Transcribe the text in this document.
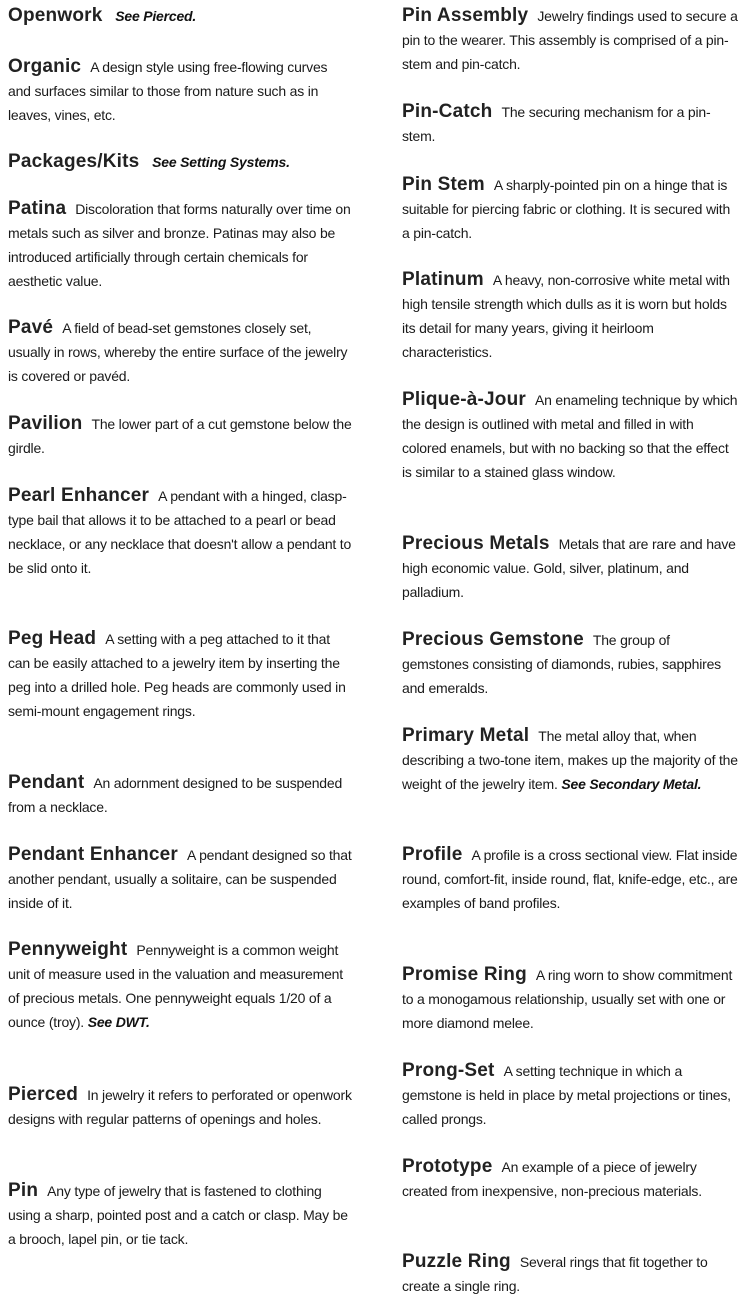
Openwork See Pierced.

Organic A design style using free-flowing curves and surfaces similar to those from nature such as in leaves, vines, etc.

Packages/Kits See Setting Systems.

Patina Discoloration that forms naturally over time on metals such as silver and bronze. Patinas may also be introduced artificially through certain chemicals for aesthetic value.

Pavé A field of bead-set gemstones closely set, usually in rows, whereby the entire surface of the jewelry is covered or pavéd.

Pavilion The lower part of a cut gemstone below the girdle.

Pearl Enhancer A pendant with a hinged, clasp-type bail that allows it to be attached to a pearl or bead necklace, or any necklace that doesn't allow a pendant to be slid onto it.

Peg Head A setting with a peg attached to it that can be easily attached to a jewelry item by inserting the peg into a drilled hole. Peg heads are commonly used in semi-mount engagement rings.

Pendant An adornment designed to be suspended from a necklace.

Pendant Enhancer A pendant designed so that another pendant, usually a solitaire, can be suspended inside of it.

Pennyweight Pennyweight is a common weight unit of measure used in the valuation and measurement of precious metals. One pennyweight equals 1/20 of a ounce (troy). See DWT.

Pierced In jewelry it refers to perforated or openwork designs with regular patterns of openings and holes.

Pin Any type of jewelry that is fastened to clothing using a sharp, pointed post and a catch or clasp. May be a brooch, lapel pin, or tie tack.

Pin Assembly Jewelry findings used to secure a pin to the wearer. This assembly is comprised of a pin-stem and pin-catch.

Pin-Catch The securing mechanism for a pin-stem.

Pin Stem A sharply-pointed pin on a hinge that is suitable for piercing fabric or clothing. It is secured with a pin-catch.

Platinum A heavy, non-corrosive white metal with high tensile strength which dulls as it is worn but holds its detail for many years, giving it heirloom characteristics.

Plique-à-Jour An enameling technique by which the design is outlined with metal and filled in with colored enamels, but with no backing so that the effect is similar to a stained glass window.

Precious Metals Metals that are rare and have high economic value. Gold, silver, platinum, and palladium.

Precious Gemstone The group of gemstones consisting of diamonds, rubies, sapphires and emeralds.

Primary Metal The metal alloy that, when describing a two-tone item, makes up the majority of the weight of the jewelry item. See Secondary Metal.

Profile A profile is a cross sectional view. Flat inside round, comfort-fit, inside round, flat, knife-edge, etc., are examples of band profiles.

Promise Ring A ring worn to show commitment to a monogamous relationship, usually set with one or more diamond melee.

Prong-Set A setting technique in which a gemstone is held in place by metal projections or tines, called prongs.

Prototype An example of a piece of jewelry created from inexpensive, non-precious materials.

Puzzle Ring Several rings that fit together to create a single ring.
